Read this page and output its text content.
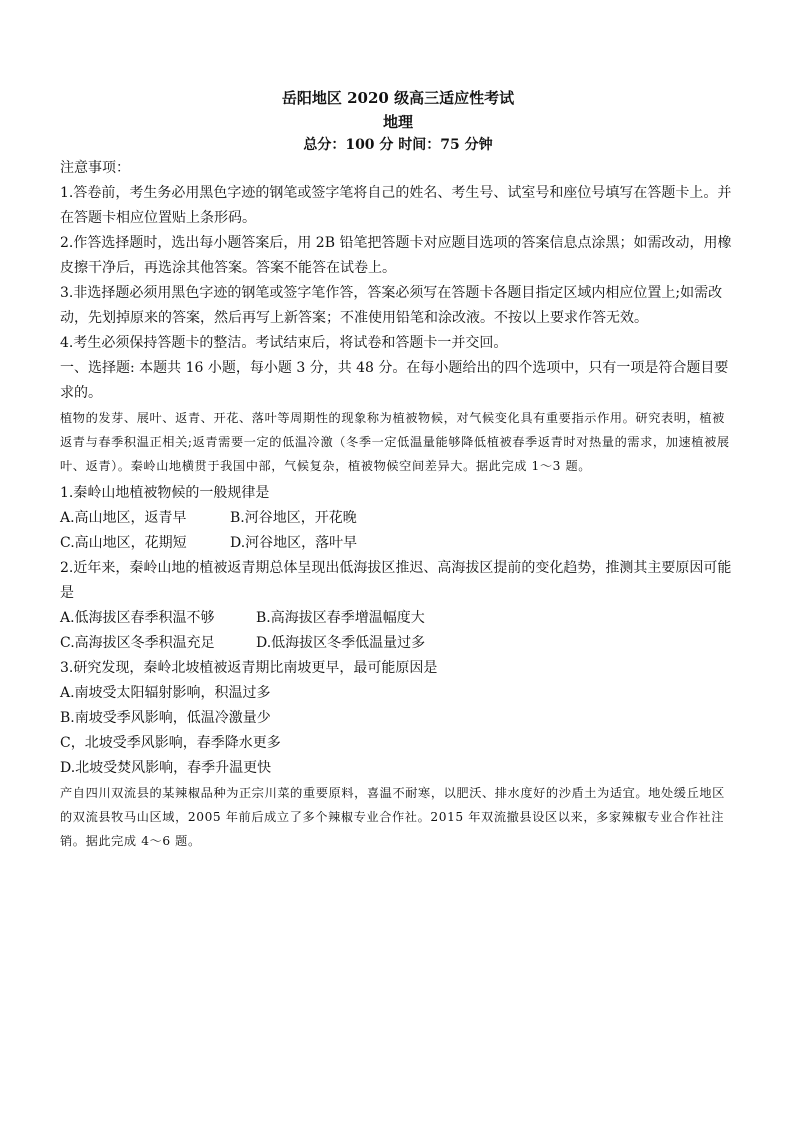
岳阳地区 2020 级高三适应性考试
地理
总分：100 分 时间：75 分钟

注意事项：

1.答卷前，考生务必用黑色字迹的钢笔或签字笔将自己的姓名、考生号、试室号和座位号填写在答题卡上。并在答题卡相应位置贴上条形码。

2.作答选择题时，选出每小题答案后，用 2B 铅笔把答题卡对应题目选项的答案信息点涂黑；如需改动，用橡皮擦干净后，再选涂其他答案。答案不能答在试卷上。

3.非选择题必须用黑色字迹的钢笔或签字笔作答，答案必须写在答题卡各题目指定区域内相应位置上;如需改动，先划掉原来的答案，然后再写上新答案；不准使用铅笔和涂改液。不按以上要求作答无效。

4.考生必须保持答题卡的整洁。考试结束后，将试卷和答题卡一并交回。

一、选择题: 本题共 16 小题，每小题 3 分，共 48 分。在每小题给出的四个选项中，只有一项是符合题目要求的。

植物的发芽、展叶、返青、开花、落叶等周期性的现象称为植被物候，对气候变化具有重要指示作用。研究表明，植被返青与春季积温正相关;返青需要一定的低温冷激（冬季一定低温量能够降低植被春季返青时对热量的需求，加速植被展叶、返青）。秦岭山地横贯于我国中部，气候复杂，植被物候空间差异大。据此完成 1～3 题。

1.秦岭山地植被物候的一般规律是

A.高山地区，返青早	B.河谷地区，开花晚
C.高山地区，花期短	D.河谷地区，落叶早

2.近年来，秦岭山地的植被返青期总体呈现出低海拔区推迟、高海拔区提前的变化趋势，推测其主要原因可能是

A.低海拔区春季积温不够	B.高海拔区春季增温幅度大
C.高海拔区冬季积温充足	D.低海拔区冬季低温量过多

3.研究发现，秦岭北坡植被返青期比南坡更早，最可能原因是

A.南坡受太阳辐射影响，积温过多

B.南坡受季风影响，低温冷激量少

C，北坡受季风影响，春季降水更多

D.北坡受焚风影响，春季升温更快

产自四川双流县的某辣椒品种为正宗川菜的重要原料，喜温不耐寒，以肥沃、排水度好的沙盾土为适宜。地处缓丘地区的双流县牧马山区域，2005 年前后成立了多个辣椒专业合作社。2015 年双流撤县设区以来，多家辣椒专业合作社注销。据此完成 4～6 题。
